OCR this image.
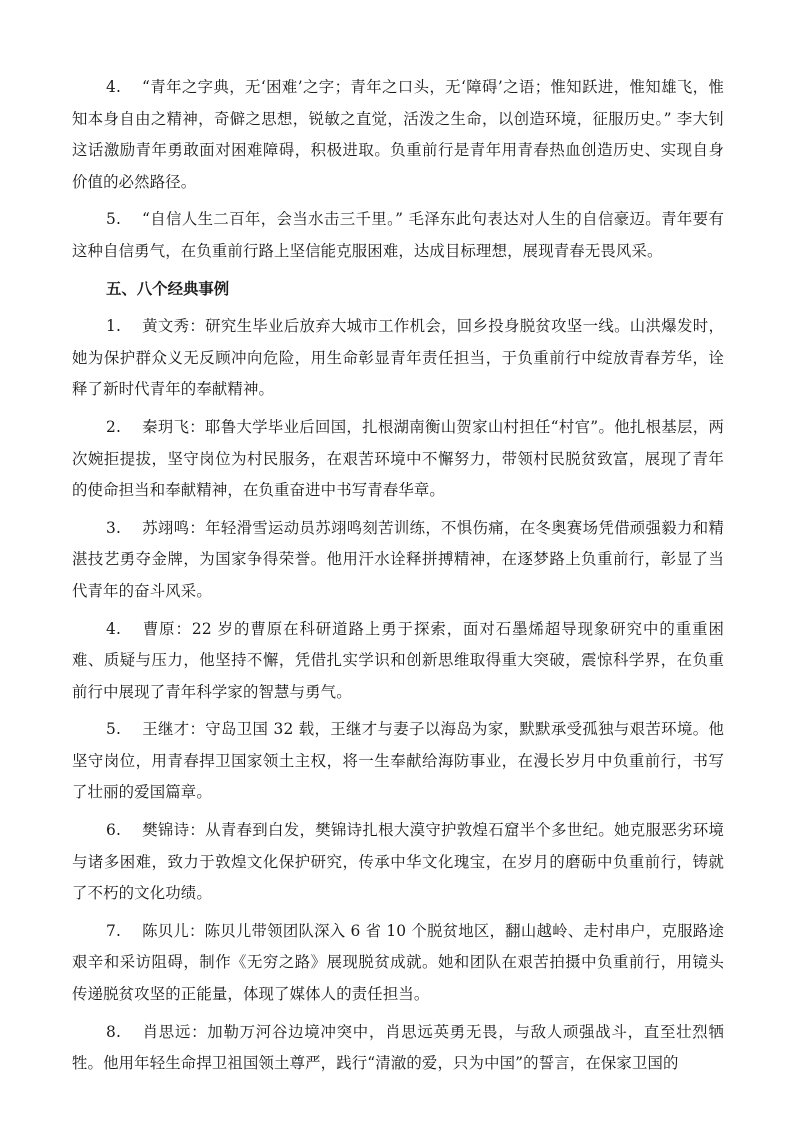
4. “青年之字典，无‘困难’之字；青年之口头，无‘障碍’之语；惟知跃进，惟知雄飞，惟知本身自由之精神，奇僻之思想，锐敏之直觉，活泼之生命，以创造环境，征服历史。” 李大钊这话激励青年勇敢面对困难障碍，积极进取。负重前行是青年用青春热血创造历史、实现自身价值的必然路径。

5. “自信人生二百年，会当水击三千里。” 毛泽东此句表达对人生的自信豪迈。青年要有这种自信勇气，在负重前行路上坚信能克服困难，达成目标理想，展现青春无畏风采。

五、八个经典事例

1. 黄文秀：研究生毕业后放弃大城市工作机会，回乡投身脱贫攻坚一线。山洪爆发时，她为保护群众义无反顾冲向危险，用生命彰显青年责任担当，于负重前行中绽放青春芳华，诠释了新时代青年的奉献精神。

2. 秦玥飞：耶鲁大学毕业后回国，扎根湖南衡山贺家山村担任“村官”。他扎根基层，两次婉拒提拔，坚守岗位为村民服务，在艰苦环境中不懈努力，带领村民脱贫致富，展现了青年的使命担当和奉献精神，在负重奋进中书写青春华章。

3. 苏翊鸣：年轻滑雪运动员苏翊鸣刻苦训练，不惧伤痛，在冬奥赛场凭借顽强毅力和精湛技艺勇夺金牌，为国家争得荣誉。他用汗水诠释拼搏精神，在逐梦路上负重前行，彰显了当代青年的奋斗风采。

4. 曹原：22 岁的曹原在科研道路上勇于探索，面对石墨烯超导现象研究中的重重困难、质疑与压力，他坚持不懈，凭借扎实学识和创新思维取得重大突破，震惊科学界，在负重前行中展现了青年科学家的智慧与勇气。

5. 王继才：守岛卫国 32 载，王继才与妻子以海岛为家，默默承受孤独与艰苦环境。他坚守岗位，用青春捍卫国家领土主权，将一生奉献给海防事业，在漫长岁月中负重前行，书写了壮丽的爱国篇章。

6. 樊锦诗：从青春到白发，樊锦诗扎根大漠守护敦煌石窟半个多世纪。她克服恶劣环境与诸多困难，致力于敦煌文化保护研究，传承中华文化瑰宝，在岁月的磨砺中负重前行，铸就了不朽的文化功绩。

7. 陈贝儿：陈贝儿带领团队深入 6 省 10 个脱贫地区，翻山越岭、走村串户，克服路途艰辛和采访阻碍，制作《无穷之路》展现脱贫成就。她和团队在艰苦拍摄中负重前行，用镜头传递脱贫攻坚的正能量，体现了媒体人的责任担当。

8. 肖思远：加勒万河谷边境冲突中，肖思远英勇无畏，与敌人顽强战斗，直至壮烈牺牲。他用年轻生命捍卫祖国领土尊严，践行“清澈的爱，只为中国”的誓言，在保家卫国的
